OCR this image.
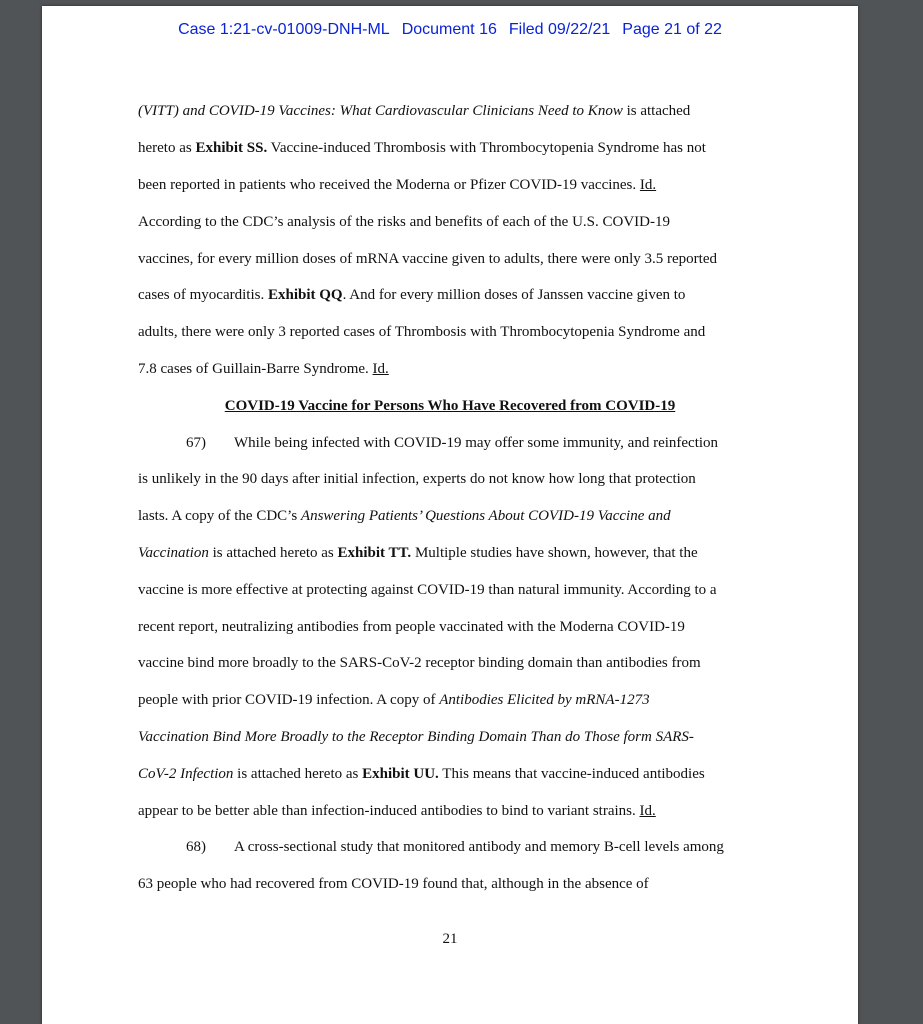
Case 1:21-cv-01009-DNH-ML Document 16 Filed 09/22/21 Page 21 of 22
(VITT) and COVID-19 Vaccines: What Cardiovascular Clinicians Need to Know is attached
hereto as Exhibit SS. Vaccine-induced Thrombosis with Thrombocytopenia Syndrome has not
been reported in patients who received the Moderna or Pfizer COVID-19 vaccines. Id.
According to the CDC’s analysis of the risks and benefits of each of the U.S. COVID-19
vaccines, for every million doses of mRNA vaccine given to adults, there were only 3.5 reported
cases of myocarditis. Exhibit QQ. And for every million doses of Janssen vaccine given to
adults, there were only 3 reported cases of Thrombosis with Thrombocytopenia Syndrome and
7.8 cases of Guillain-Barre Syndrome. Id.
COVID-19 Vaccine for Persons Who Have Recovered from COVID-19
67) While being infected with COVID-19 may offer some immunity, and reinfection
is unlikely in the 90 days after initial infection, experts do not know how long that protection
lasts. A copy of the CDC’s Answering Patients’ Questions About COVID-19 Vaccine and
Vaccination is attached hereto as Exhibit TT. Multiple studies have shown, however, that the
vaccine is more effective at protecting against COVID-19 than natural immunity. According to a
recent report, neutralizing antibodies from people vaccinated with the Moderna COVID-19
vaccine bind more broadly to the SARS-CoV-2 receptor binding domain than antibodies from
people with prior COVID-19 infection. A copy of Antibodies Elicited by mRNA-1273
Vaccination Bind More Broadly to the Receptor Binding Domain Than do Those form SARS-
CoV-2 Infection is attached hereto as Exhibit UU. This means that vaccine-induced antibodies
appear to be better able than infection-induced antibodies to bind to variant strains. Id.
68) A cross-sectional study that monitored antibody and memory B-cell levels among
63 people who had recovered from COVID-19 found that, although in the absence of
21
